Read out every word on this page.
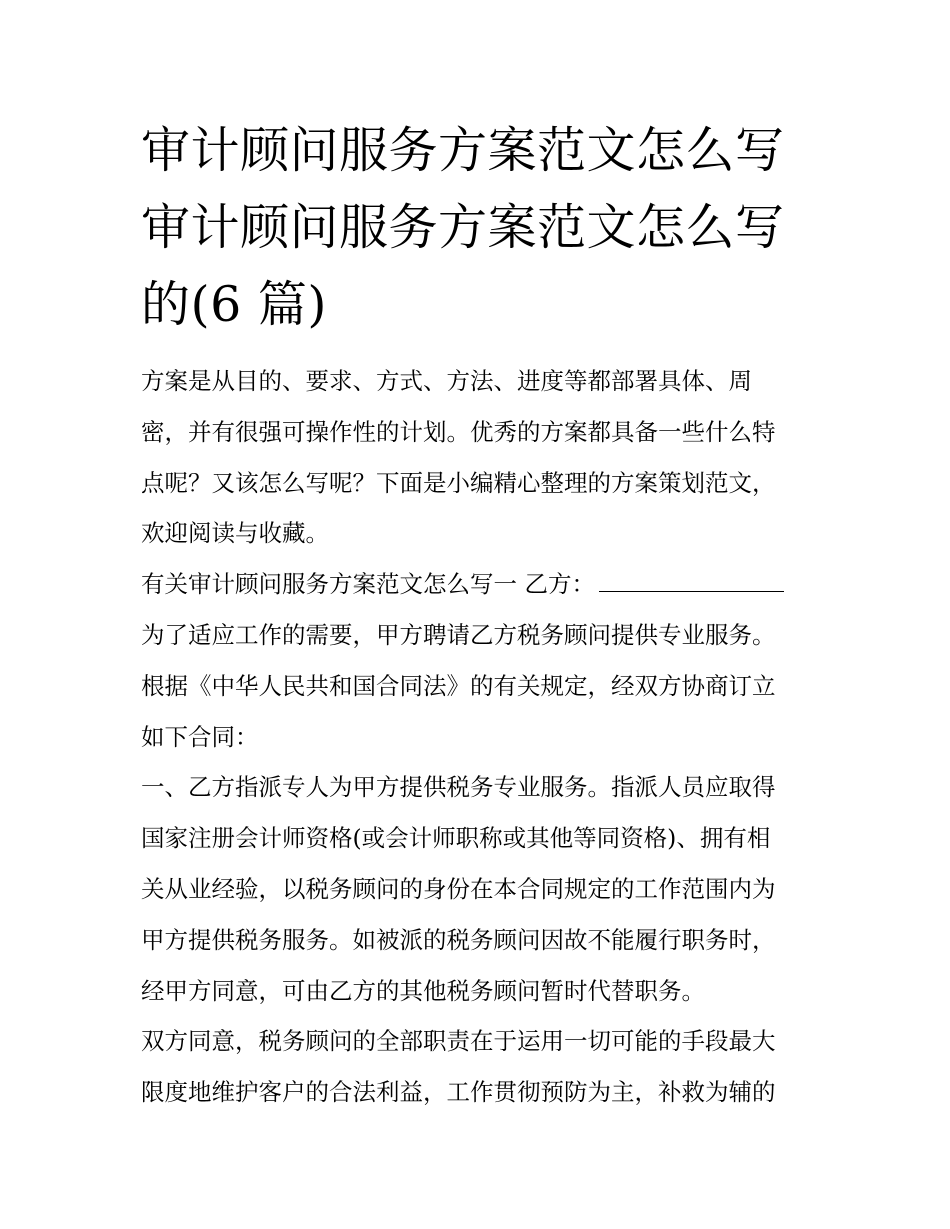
审计顾问服务方案范文怎么写
审计顾问服务方案范文怎么写
的(6 篇)
方案是从目的、要求、方式、方法、进度等都部署具体、周
密，并有很强可操作性的计划。优秀的方案都具备一些什么特
点呢？又该怎么写呢？下面是小编精心整理的方案策划范文，
欢迎阅读与收藏。
有关审计顾问服务方案范文怎么写一 乙方：
为了适应工作的需要，甲方聘请乙方税务顾问提供专业服务。
根据《中华人民共和国合同法》的有关规定，经双方协商订立
如下合同：
一、乙方指派专人为甲方提供税务专业服务。指派人员应取得
国家注册会计师资格(或会计师职称或其他等同资格)、拥有相
关从业经验，以税务顾问的身份在本合同规定的工作范围内为
甲方提供税务服务。如被派的税务顾问因故不能履行职务时，
经甲方同意，可由乙方的其他税务顾问暂时代替职务。
双方同意，税务顾问的全部职责在于运用一切可能的手段最大
限度地维护客户的合法利益，工作贯彻预防为主，补救为辅的
